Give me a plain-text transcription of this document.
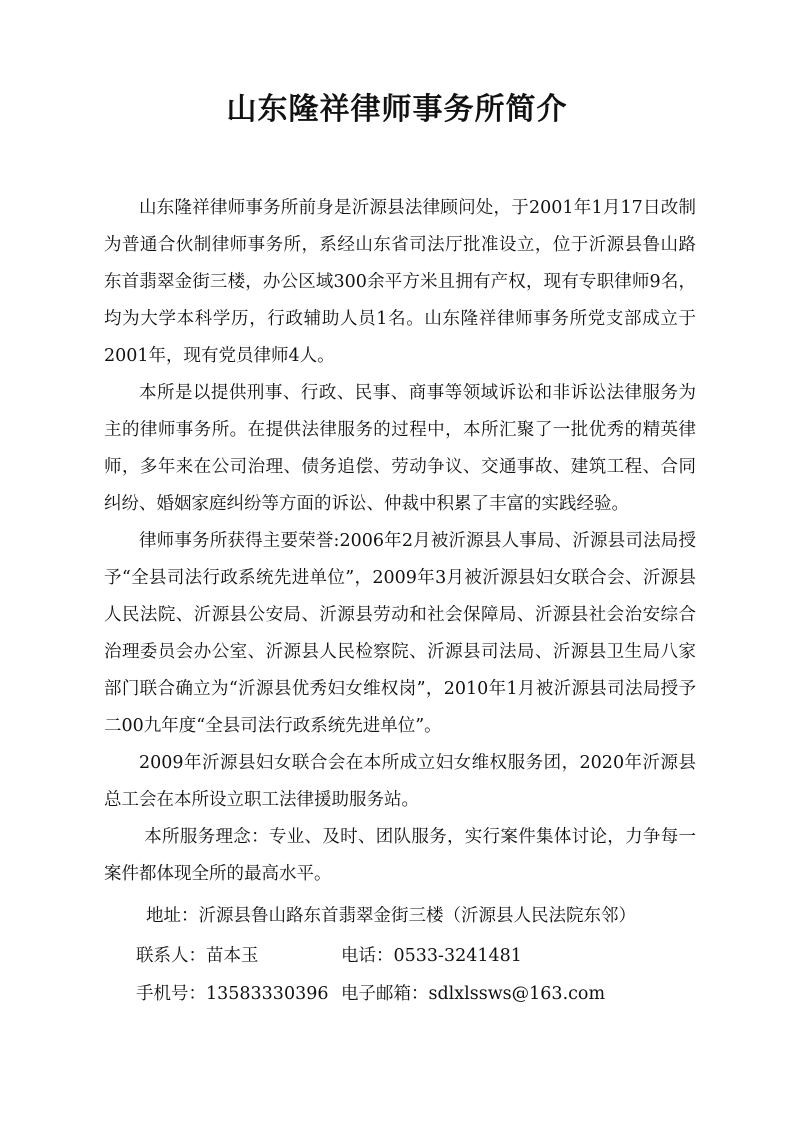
山东隆祥律师事务所简介

山东隆祥律师事务所前身是沂源县法律顾问处，于2001年1月17日改制为普通合伙制律师事务所，系经山东省司法厅批准设立，位于沂源县鲁山路东首翡翠金街三楼，办公区域300余平方米且拥有产权，现有专职律师9名，均为大学本科学历，行政辅助人员1名。山东隆祥律师事务所党支部成立于2001年，现有党员律师4人。

本所是以提供刑事、行政、民事、商事等领域诉讼和非诉讼法律服务为主的律师事务所。在提供法律服务的过程中，本所汇聚了一批优秀的精英律师，多年来在公司治理、债务追偿、劳动争议、交通事故、建筑工程、合同纠纷、婚姻家庭纠纷等方面的诉讼、仲裁中积累了丰富的实践经验。

律师事务所获得主要荣誉:2006年2月被沂源县人事局、沂源县司法局授予“全县司法行政系统先进单位”，2009年3月被沂源县妇女联合会、沂源县人民法院、沂源县公安局、沂源县劳动和社会保障局、沂源县社会治安综合治理委员会办公室、沂源县人民检察院、沂源县司法局、沂源县卫生局八家部门联合确立为“沂源县优秀妇女维权岗”，2010年1月被沂源县司法局授予二00九年度“全县司法行政系统先进单位”。

2009年沂源县妇女联合会在本所成立妇女维权服务团，2020年沂源县总工会在本所设立职工法律援助服务站。

本所服务理念：专业、及时、团队服务，实行案件集体讨论，力争每一案件都体现全所的最高水平。

地址：沂源县鲁山路东首翡翠金街三楼（沂源县人民法院东邻）
联系人：苗本玉	电话：0533-3241481
手机号：13583330396 电子邮箱：sdlxlssws@163.com
